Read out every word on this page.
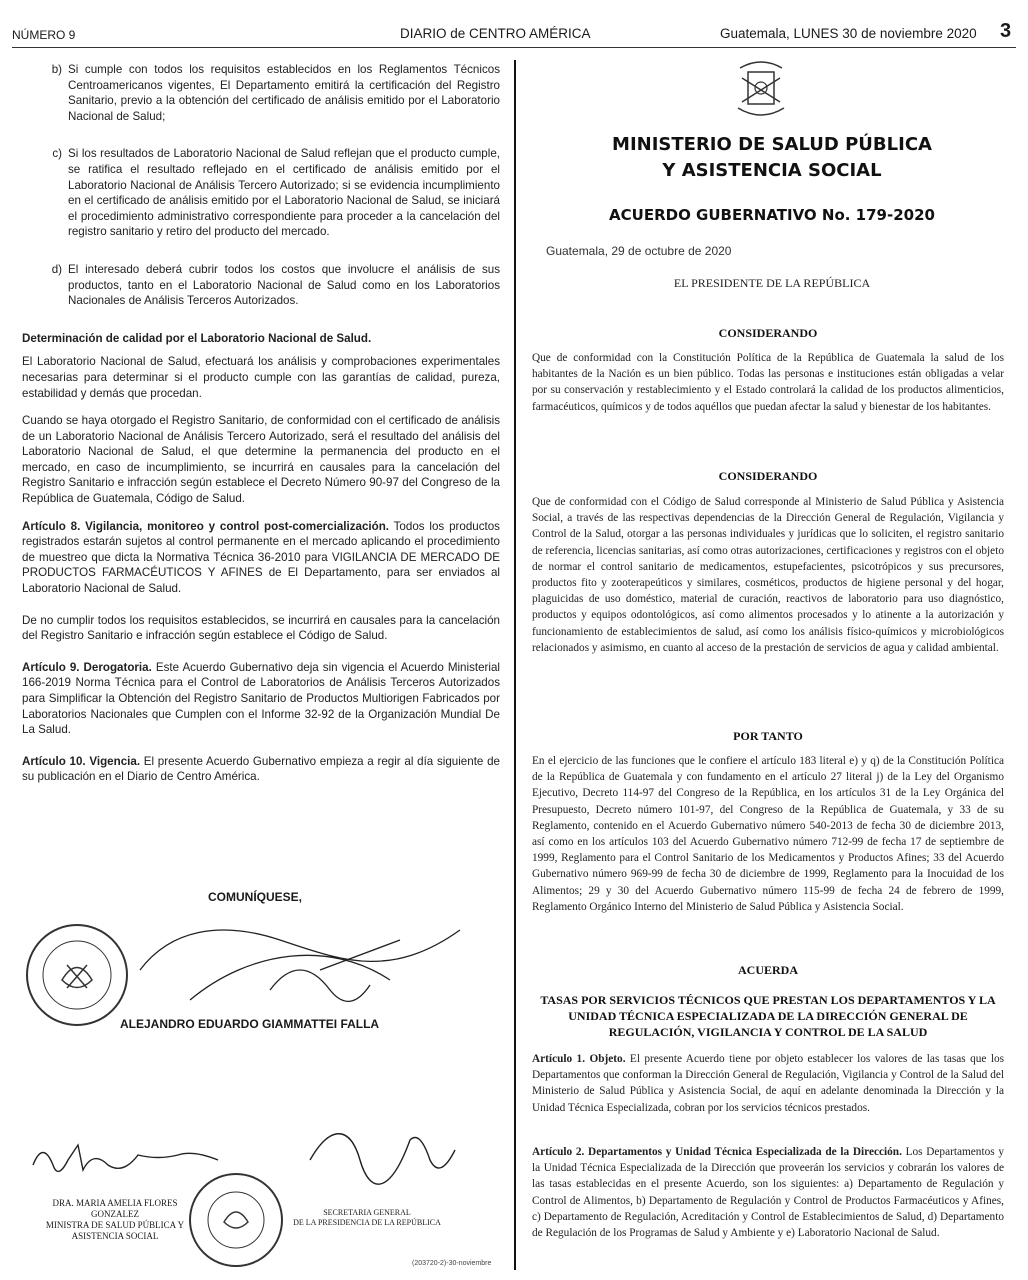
NÚMERO 9	DIARIO de CENTRO AMÉRICA	Guatemala, LUNES 30 de noviembre 2020 3
b) Si cumple con todos los requisitos establecidos en los Reglamentos Técnicos Centroamericanos vigentes, El Departamento emitirá la certificación del Registro Sanitario, previo a la obtención del certificado de análisis emitido por el Laboratorio Nacional de Salud;
c) Si los resultados de Laboratorio Nacional de Salud reflejan que el producto cumple, se ratifica el resultado reflejado en el certificado de análisis emitido por el Laboratorio Nacional de Análisis Tercero Autorizado; si se evidencia incumplimiento en el certificado de análisis emitido por el Laboratorio Nacional de Salud, se iniciará el procedimiento administrativo correspondiente para proceder a la cancelación del registro sanitario y retiro del producto del mercado.
d) El interesado deberá cubrir todos los costos que involucre el análisis de sus productos, tanto en el Laboratorio Nacional de Salud como en los Laboratorios Nacionales de Análisis Terceros Autorizados.

Determinación de calidad por el Laboratorio Nacional de Salud.

El Laboratorio Nacional de Salud, efectuará los análisis y comprobaciones experimentales necesarias para determinar si el producto cumple con las garantías de calidad, pureza, estabilidad y demás que procedan.

Cuando se haya otorgado el Registro Sanitario, de conformidad con el certificado de análisis de un Laboratorio Nacional de Análisis Tercero Autorizado, será el resultado del análisis del Laboratorio Nacional de Salud, el que determine la permanencia del producto en el mercado, en caso de incumplimiento, se incurrirá en causales para la cancelación del Registro Sanitario e infracción según establece el Decreto Número 90-97 del Congreso de la República de Guatemala, Código de Salud.

Artículo 8. Vigilancia, monitoreo y control post-comercialización. Todos los productos registrados estarán sujetos al control permanente en el mercado aplicando el procedimiento de muestreo que dicta la Normativa Técnica 36-2010 para VIGILANCIA DE MERCADO DE PRODUCTOS FARMACÉUTICOS Y AFINES de El Departamento, para ser enviados al Laboratorio Nacional de Salud.

De no cumplir todos los requisitos establecidos, se incurrirá en causales para la cancelación del Registro Sanitario e infracción según establece el Código de Salud.

Artículo 9. Derogatoria. Este Acuerdo Gubernativo deja sin vigencia el Acuerdo Ministerial 166-2019 Norma Técnica para el Control de Laboratorios de Análisis Terceros Autorizados para Simplificar la Obtención del Registro Sanitario de Productos Multiorigen Fabricados por Laboratorios Nacionales que Cumplen con el Informe 32-92 de la Organización Mundial De La Salud.

Artículo 10. Vigencia. El presente Acuerdo Gubernativo empieza a regir al día siguiente de su publicación en el Diario de Centro América.

COMUNÍQUESE,
ALEJANDRO EDUARDO GIAMMATTEI FALLA
DRA. MARIA AMELIA FLORES GONZALEZ
MINISTRA DE SALUD PÚBLICA Y
ASISTENCIA SOCIAL
SECRETARIA GENERAL
DE LA PRESIDENCIA DE LA REPÚBLICA
(203720-2)-30-noviembre
MINISTERIO DE SALUD PÚBLICA
Y ASISTENCIA SOCIAL
ACUERDO GUBERNATIVO No. 179-2020
Guatemala, 29 de octubre de 2020
EL PRESIDENTE DE LA REPÚBLICA
CONSIDERANDO
Que de conformidad con la Constitución Política de la República de Guatemala la salud de los habitantes de la Nación es un bien público. Todas las personas e instituciones están obligadas a velar por su conservación y restablecimiento y el Estado controlará la calidad de los productos alimenticios, farmacéuticos, químicos y de todos aquéllos que puedan afectar la salud y bienestar de los habitantes.
CONSIDERANDO
Que de conformidad con el Código de Salud corresponde al Ministerio de Salud Pública y Asistencia Social, a través de las respectivas dependencias de la Dirección General de Regulación, Vigilancia y Control de la Salud, otorgar a las personas individuales y jurídicas que lo soliciten, el registro sanitario de referencia, licencias sanitarias, así como otras autorizaciones, certificaciones y registros con el objeto de normar el control sanitario de medicamentos, estupefacientes, psicotrópicos y sus precursores, productos fito y zooterapeúticos y similares, cosméticos, productos de higiene personal y del hogar, plaguicidas de uso doméstico, material de curación, reactivos de laboratorio para uso diagnóstico, productos y equipos odontológicos, así como alimentos procesados y lo atinente a la autorización y funcionamiento de establecimientos de salud, así como los análisis físico-químicos y microbiológicos relacionados y asimismo, en cuanto al acceso de la prestación de servicios de agua y calidad ambiental.
POR TANTO
En el ejercicio de las funciones que le confiere el artículo 183 literal e) y q) de la Constitución Política de la República de Guatemala y con fundamento en el artículo 27 literal j) de la Ley del Organismo Ejecutivo, Decreto 114-97 del Congreso de la República, en los artículos 31 de la Ley Orgánica del Presupuesto, Decreto número 101-97, del Congreso de la República de Guatemala, y 33 de su Reglamento, contenido en el Acuerdo Gubernativo número 540-2013 de fecha 30 de diciembre 2013, así como en los artículos 103 del Acuerdo Gubernativo número 712-99 de fecha 17 de septiembre de 1999, Reglamento para el Control Sanitario de los Medicamentos y Productos Afines; 33 del Acuerdo Gubernativo número 969-99 de fecha 30 de diciembre de 1999, Reglamento para la Inocuidad de los Alimentos; 29 y 30 del Acuerdo Gubernativo número 115-99 de fecha 24 de febrero de 1999, Reglamento Orgánico Interno del Ministerio de Salud Pública y Asistencia Social.
ACUERDA
TASAS POR SERVICIOS TÉCNICOS QUE PRESTAN LOS DEPARTAMENTOS Y LA UNIDAD TÉCNICA ESPECIALIZADA DE LA DIRECCIÓN GENERAL DE REGULACIÓN, VIGILANCIA Y CONTROL DE LA SALUD
Artículo 1. Objeto. El presente Acuerdo tiene por objeto establecer los valores de las tasas que los Departamentos que conforman la Dirección General de Regulación, Vigilancia y Control de la Salud del Ministerio de Salud Pública y Asistencia Social, de aquí en adelante denominada la Dirección y la Unidad Técnica Especializada, cobran por los servicios técnicos prestados.
Artículo 2. Departamentos y Unidad Técnica Especializada de la Dirección. Los Departamentos y la Unidad Técnica Especializada de la Dirección que proveerán los servicios y cobrarán los valores de las tasas establecidas en el presente Acuerdo, son los siguientes: a) Departamento de Regulación y Control de Alimentos, b) Departamento de Regulación y Control de Productos Farmacéuticos y Afines, c) Departamento de Regulación, Acreditación y Control de Establecimientos de Salud, d) Departamento de Regulación de los Programas de Salud y Ambiente y e) Laboratorio Nacional de Salud.
